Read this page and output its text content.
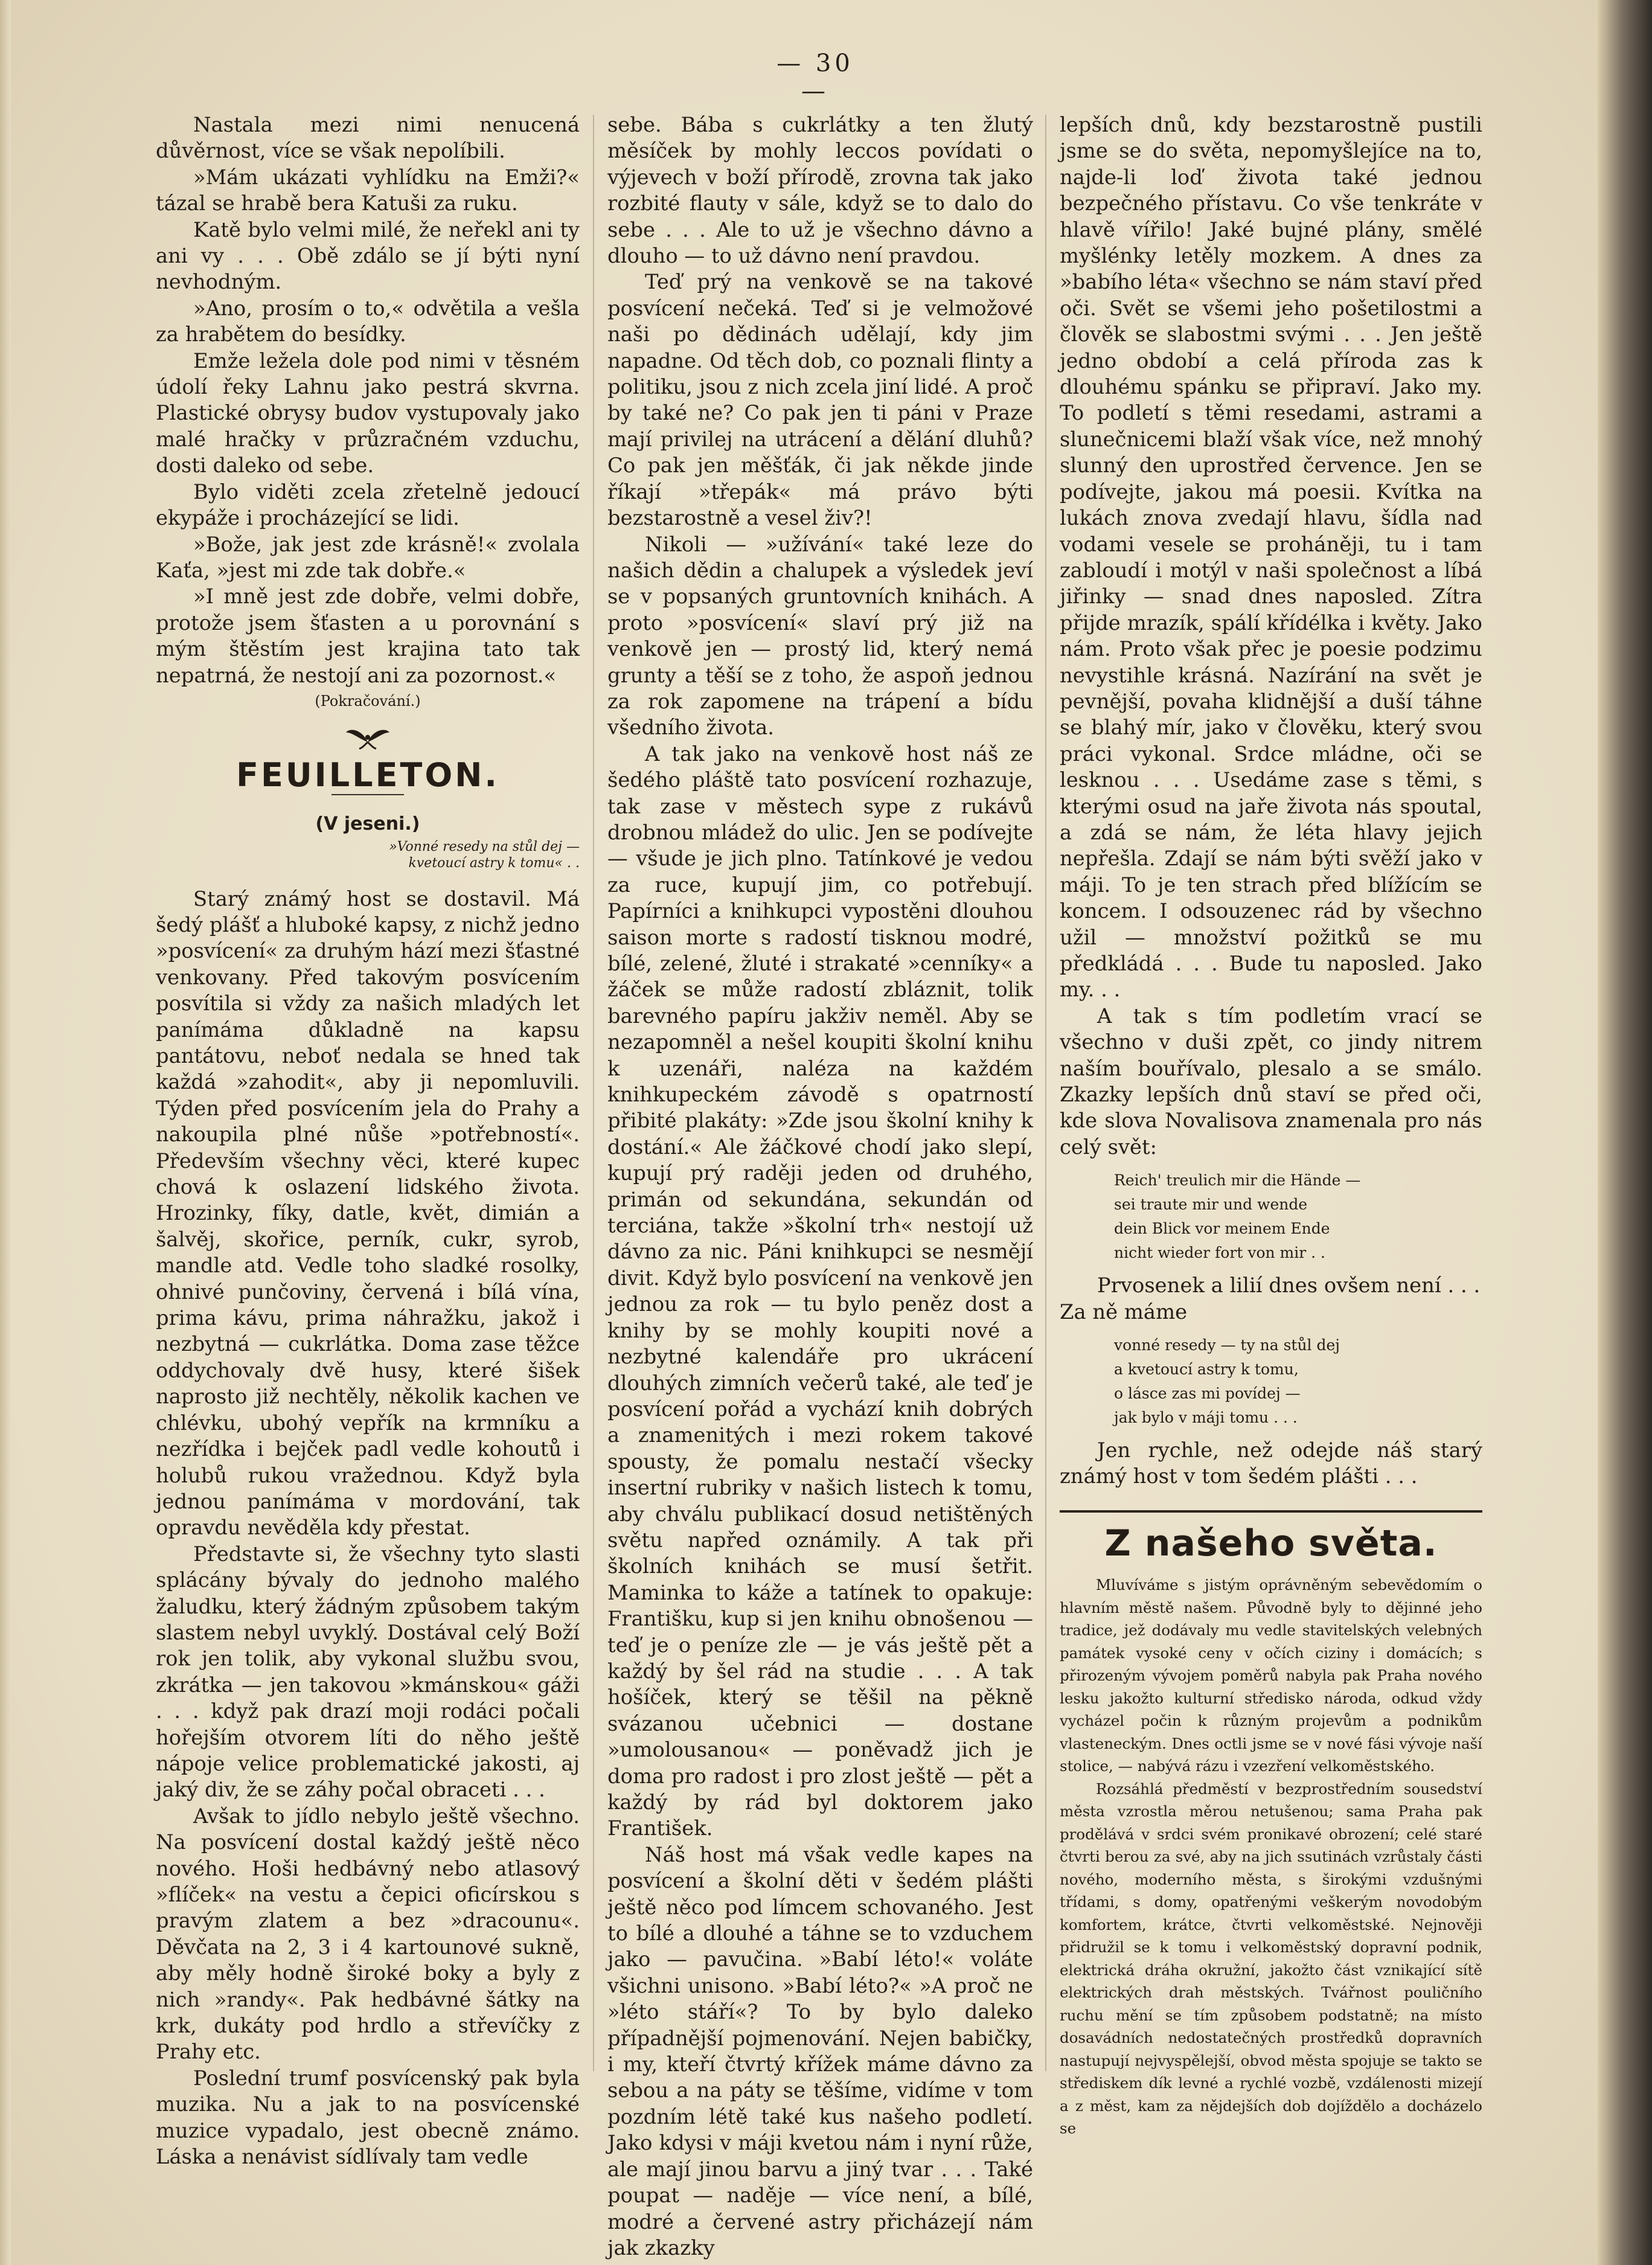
— 30 —

Nastala mezi nimi nenucená důvěrnost, více se však nepolíbili.

»Mám ukázati vyhlídku na Emži?« tázal se hrabě bera Katuši za ruku.

Katě bylo velmi milé, že neřekl ani ty ani vy . . . Obě zdálo se jí býti nyní nevhodným.

»Ano, prosím o to,« odvětila a vešla za hrabětem do besídky.

Emže ležela dole pod nimi v těsném údolí řeky Lahnu jako pestrá skvrna. Plastické obrysy budov vystupovaly jako malé hračky v průzračném vzduchu, dosti daleko od sebe.

Bylo viděti zcela zřetelně jedoucí ekypáže i procházející se lidi.

»Bože, jak jest zde krásně!« zvolala Kaťa, »jest mi zde tak dobře.«

»I mně jest zde dobře, velmi dobře, protože jsem šťasten a u porovnání s mým štěstím jest krajina tato tak nepatrná, že nestojí ani za pozornost.«

(Pokračování.)

FEUILLETON.
(V jeseni.)
»Vonné resedy na stůl dej —
kvetoucí astry k tomu« . .

Starý známý host se dostavil. Má šedý plášť a hluboké kapsy, z nichž jedno »posvícení« za druhým hází mezi šťastné venkovany. Před takovým posvícením posvítila si vždy za našich mladých let panímáma důkladně na kapsu pantátovu, neboť nedala se hned tak každá »zahodit«, aby ji nepomluvili. Týden před posvícením jela do Prahy a nakoupila plné nůše »potřebností«. Především všechny věci, které kupec chová k oslazení lidského života. Hrozinky, fíky, datle, květ, dimián a šalvěj, skořice, perník, cukr, syrob, mandle atd. Vedle toho sladké rosolky, ohnivé punčoviny, červená i bílá vína, prima kávu, prima náhražku, jakož i nezbytná — cukrlátka. Doma zase těžce oddychovaly dvě husy, které šišek naprosto již nechtěly, několik kachen ve chlévku, ubohý vepřík na krmníku a nezřídka i bejček padl vedle kohoutů i holubů rukou vražednou. Když byla jednou panímáma v mordování, tak opravdu nevěděla kdy přestat.

Představte si, že všechny tyto slasti splácány bývaly do jednoho malého žaludku, který žádným způsobem takým slastem nebyl uvyklý. Dostával celý Boží rok jen tolik, aby vykonal službu svou, zkrátka — jen takovou »kmánskou« gáži . . . když pak drazí moji rodáci počali hořejším otvorem líti do něho ještě nápoje velice problematické jakosti, aj jaký div, že se záhy počal obraceti . . .

Avšak to jídlo nebylo ještě všechno. Na posvícení dostal každý ještě něco nového. Hoši hedbávný nebo atlasový »flíček« na vestu a čepici oficírskou s pravým zlatem a bez »dracounu«. Děvčata na 2, 3 i 4 kartounové sukně, aby měly hodně široké boky a byly z nich »randy«. Pak hedbávné šátky na krk, dukáty pod hrdlo a střevíčky z Prahy etc.

Poslední trumf posvícenský pak byla muzika. Nu a jak to na posvícenské muzice vypadalo, jest obecně známo. Láska a nenávist sídlívaly tam vedle

sebe. Bába s cukrlátky a ten žlutý měsíček by mohly leccos povídati o výjevech v boží přírodě, zrovna tak jako rozbité flauty v sále, když se to dalo do sebe . . . Ale to už je všechno dávno a dlouho — to už dávno není pravdou.

Teď prý na venkově se na takové posvícení nečeká. Teď si je velmožové naši po dědinách udělají, kdy jim napadne. Od těch dob, co poznali flinty a politiku, jsou z nich zcela jiní lidé. A proč by také ne? Co pak jen ti páni v Praze mají privilej na utrácení a dělání dluhů? Co pak jen měšťák, či jak někde jinde říkají »třepák« má právo býti bezstarostně a vesel živ?!

Nikoli — »užívání« také leze do našich dědin a chalupek a výsledek jeví se v popsaných gruntovních knihách. A proto »posvícení« slaví prý již na venkově jen — prostý lid, který nemá grunty a těší se z toho, že aspoň jednou za rok zapomene na trápení a bídu všedního života.

A tak jako na venkově host náš ze šedého pláště tato posvícení rozhazuje, tak zase v městech sype z rukávů drobnou mládež do ulic. Jen se podívejte — všude je jich plno. Tatínkové je vedou za ruce, kupují jim, co potřebují. Papírníci a knihkupci vypostěni dlouhou saison morte s radostí tisknou modré, bílé, zelené, žluté i strakaté »cenníky« a žáček se může radostí zbláznit, tolik barevného papíru jakživ neměl. Aby se nezapomněl a nešel koupiti školní knihu k uzenáři, naléza na každém knihkupeckém závodě s opatrností přibité plakáty: »Zde jsou školní knihy k dostání.« Ale žáčkové chodí jako slepí, kupují prý raději jeden od druhého, primán od sekundána, sekundán od terciána, takže »školní trh« nestojí už dávno za nic. Páni knihkupci se nesmějí divit. Když bylo posvícení na venkově jen jednou za rok — tu bylo peněz dost a knihy by se mohly koupiti nové a nezbytné kalendáře pro ukrácení dlouhých zimních večerů také, ale teď je posvícení pořád a vychází knih dobrých a znamenitých i mezi rokem takové spousty, že pomalu nestačí všecky insertní rubriky v našich listech k tomu, aby chválu publikací dosud netištěných světu napřed oznámily. A tak při školních knihách se musí šetřit. Maminka to káže a tatínek to opakuje: Františku, kup si jen knihu obnošenou — teď je o peníze zle — je vás ještě pět a každý by šel rád na studie . . . A tak hošíček, který se těšil na pěkně svázanou učebnici — dostane »umolousanou« — poněvadž jich je doma pro radost i pro zlost ještě — pět a každý by rád byl doktorem jako František.

Náš host má však vedle kapes na posvícení a školní děti v šedém plášti ještě něco pod límcem schovaného. Jest to bílé a dlouhé a táhne se to vzduchem jako — pavučina. »Babí léto!« voláte všichni unisono. »Babí léto?« »A proč ne »léto stáří«? To by bylo daleko případnější pojmenování. Nejen babičky, i my, kteří čtvrtý křížek máme dávno za sebou a na páty se těšíme, vidíme v tom pozdním létě také kus našeho podletí. Jako kdysi v máji kvetou nám i nyní růže, ale mají jinou barvu a jiný tvar . . . Také poupat — naděje — více není, a bílé, modré a červené astry přicházejí nám jak zkazky

lepších dnů, kdy bezstarostně pustili jsme se do světa, nepomyšlejíce na to, najde-li loď života také jednou bezpečného přístavu. Co vše tenkráte v hlavě vířilo! Jaké bujné plány, smělé myšlénky letěly mozkem. A dnes za »babího léta« všechno se nám staví před oči. Svět se všemi jeho pošetilostmi a člověk se slabostmi svými . . . Jen ještě jedno období a celá příroda zas k dlouhému spánku se připraví. Jako my. To podletí s těmi resedami, astrami a slunečnicemi blaží však více, než mnohý slunný den uprostřed července. Jen se podívejte, jakou má poesii. Kvítka na lukách znova zvedají hlavu, šídla nad vodami vesele se proháněji, tu i tam zabloudí i motýl v naši společnost a líbá jiřinky — snad dnes naposled. Zítra přijde mrazík, spálí křídélka i květy. Jako nám. Proto však přec je poesie podzimu nevystihle krásná. Nazírání na svět je pevnější, povaha klidnější a duší táhne se blahý mír, jako v člověku, který svou práci vykonal. Srdce mládne, oči se lesknou . . . Usedáme zase s těmi, s kterými osud na jaře života nás spoutal, a zdá se nám, že léta hlavy jejich nepřešla. Zdají se nám býti svěží jako v máji. To je ten strach před blížícím se koncem. I odsouzenec rád by všechno užil — množství požitků se mu předkládá . . . Bude tu naposled. Jako my. . .

A tak s tím podletím vrací se všechno v duši zpět, co jindy nitrem naším bouřívalo, plesalo a se smálo. Zkazky lepších dnů staví se před oči, kde slova Novalisova znamenala pro nás celý svět:

Reich' treulich mir die Hände —
sei traute mir und wende
dein Blick vor meinem Ende
nicht wieder fort von mir . .

Prvosenek a lilií dnes ovšem není . . .

Za ně máme

vonné resedy — ty na stůl dej
a kvetoucí astry k tomu,
o lásce zas mi povídej —
jak bylo v máji tomu . . .

Jen rychle, než odejde náš starý známý host v tom šedém plášti . . .

Z našeho světa.

Mluvíváme s jistým oprávněným sebevědomím o hlavním městě našem. Původně byly to dějinné jeho tradice, jež dodávaly mu vedle stavitelských velebných památek vysoké ceny v očích ciziny i domácích; s přirozeným vývojem poměrů nabyla pak Praha nového lesku jakožto kulturní středisko národa, odkud vždy vycházel počin k různým projevům a podnikům vlasteneckým. Dnes octli jsme se v nové fási vývoje naší stolice, — nabývá rázu i vzezření velkoměstského.

Rozsáhlá předměstí v bezprostředním sousedství města vzrostla měrou netušenou; sama Praha pak prodělává v srdci svém pronikavé obrození; celé staré čtvrti berou za své, aby na jich ssutinách vzrůstaly části nového, moderního města, s širokými vzdušnými třídami, s domy, opatřenými veškerým novodobým komfortem, krátce, čtvrti velkoměstské. Nejnověji přidružil se k tomu i velkoměstský dopravní podnik, elektrická dráha okružní, jakožto část vznikající sítě elektrických drah městských. Tvářnost pouličního ruchu mění se tím způsobem podstatně; na místo dosavádních nedostatečných prostředků dopravních nastupují nejvyspělejší, obvod města spojuje se takto se střediskem dík levné a rychlé vozbě, vzdálenosti mizejí a z měst, kam za nějdejších dob dojíždělo a docházelo se
